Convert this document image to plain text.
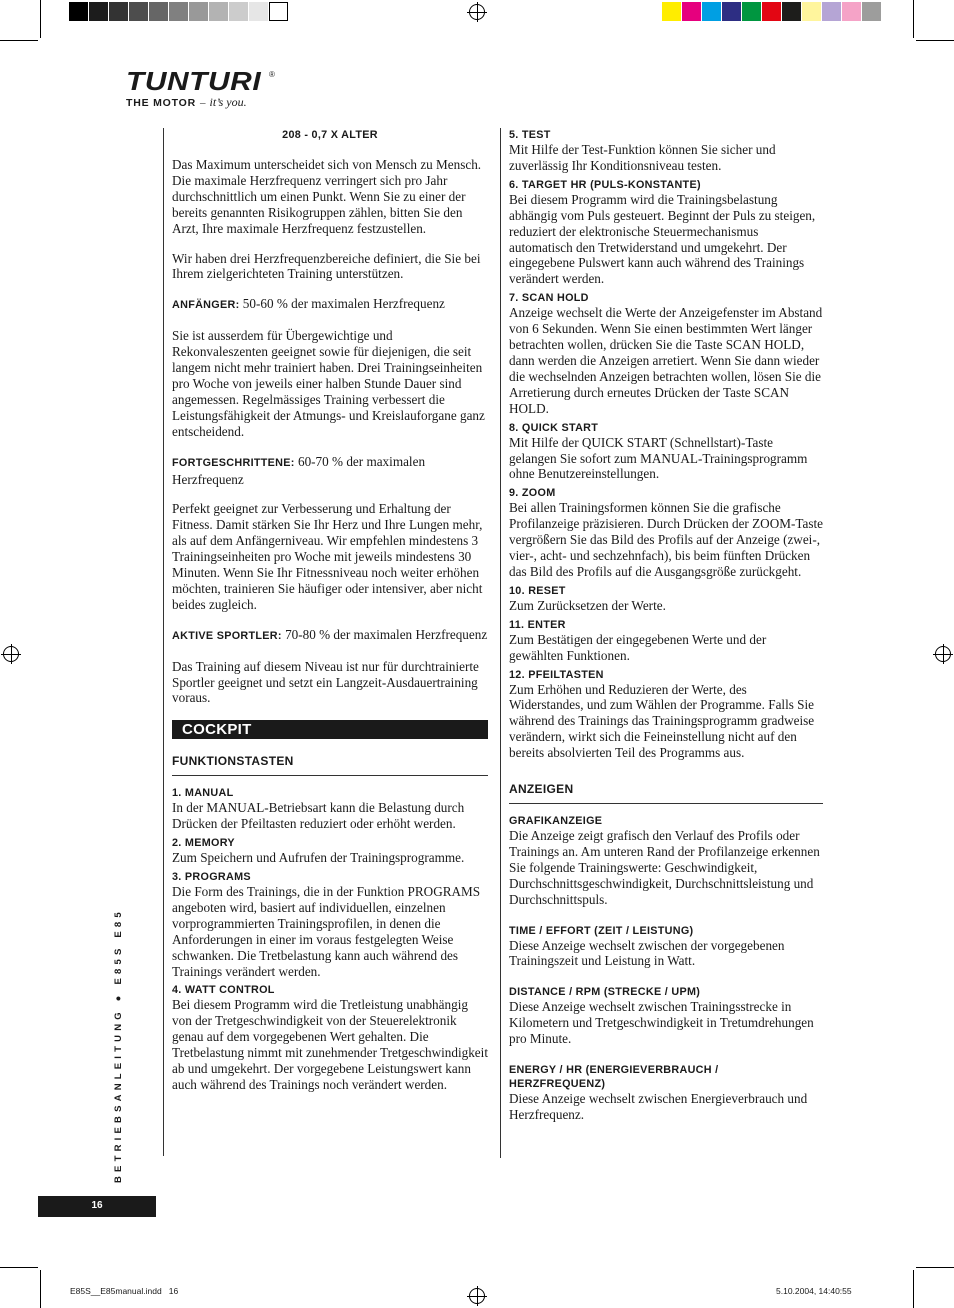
TUNTURI ®
THE MOTOR – it’s you.
208 - 0,7 X ALTER

Das Maximum unterscheidet sich von Mensch zu Mensch. Die maximale Herzfrequenz verringert sich pro Jahr durchschnittlich um einen Punkt. Wenn Sie zu einer der bereits genannten Risikogruppen zählen, bitten Sie den Arzt, Ihre maximale Herzfrequenz festzustellen.

Wir haben drei Herzfrequenzbereiche definiert, die Sie bei Ihrem zielgerichteten Training unterstützen.

ANFÄNGER: 50-60 % der maximalen Herzfrequenz

Sie ist ausserdem für Übergewichtige und Rekonvaleszenten geeignet sowie für diejenigen, die seit langem nicht mehr trainiert haben. Drei Trainingseinheiten pro Woche von jeweils einer halben Stunde Dauer sind angemessen. Regelmässiges Training verbessert die Leistungsfähigkeit der Atmungs- und Kreislauforgane ganz entscheidend.

FORTGESCHRITTENE: 60-70 % der maximalen Herzfrequenz

Perfekt geeignet zur Verbesserung und Erhaltung der Fitness. Damit stärken Sie Ihr Herz und Ihre Lungen mehr, als auf dem Anfängerniveau. Wir empfehlen mindestens 3 Trainingseinheiten pro Woche mit jeweils mindestens 30 Minuten. Wenn Sie Ihr Fitnessniveau noch weiter erhöhen möchten, trainieren Sie häufiger oder intensiver, aber nicht beides zugleich.

AKTIVE SPORTLER: 70-80 % der maximalen Herzfrequenz

Das Training auf diesem Niveau ist nur für durchtrainierte Sportler geeignet und setzt ein Langzeit-Ausdauertraining voraus.

COCKPIT
FUNKTIONSTASTEN
1. MANUAL

In der MANUAL-Betriebsart kann die Belastung durch Drücken der Pfeiltasten reduziert oder erhöht werden.

2. MEMORY

Zum Speichern und Aufrufen der Trainingsprogramme.

3. PROGRAMS

Die Form des Trainings, die in der Funktion PROGRAMS angeboten wird, basiert auf individuellen, einzelnen vorprogrammierten Trainingsprofilen, in denen die Anforderungen in einer im voraus festgelegten Weise schwanken. Die Tretbelastung kann auch während des Trainings verändert werden.

4. WATT CONTROL

Bei diesem Programm wird die Tretleistung unabhängig von der Tretgeschwindigkeit von der Steuerelektronik genau auf dem vorgegebenen Wert gehalten. Die Tretbelastung nimmt mit zunehmender Tretgeschwindigkeit ab und umgekehrt. Der vorgegebene Leistungswert kann auch während des Trainings noch verändert werden.

5. TEST

Mit Hilfe der Test-Funktion können Sie sicher und zuverlässig Ihr Konditionsniveau testen.

6. TARGET HR (PULS-KONSTANTE)

Bei diesem Programm wird die Trainingsbelastung abhängig vom Puls gesteuert. Beginnt der Puls zu steigen, reduziert der elektronische Steuermechanismus automatisch den Tretwiderstand und umgekehrt. Der eingegebene Pulswert kann auch während des Trainings verändert werden.

7. SCAN HOLD

Anzeige wechselt die Werte der Anzeigefenster im Abstand von 6 Sekunden. Wenn Sie einen bestimmten Wert länger betrachten wollen, drücken Sie die Taste SCAN HOLD, dann werden die Anzeigen arretiert. Wenn Sie dann wieder die wechselnden Anzeigen betrachten wollen, lösen Sie die Arretierung durch erneutes Drücken der Taste SCAN HOLD.

8. QUICK START

Mit Hilfe der QUICK START (Schnellstart)-Taste gelangen Sie sofort zum MANUAL-Trainingsprogramm ohne Benutzereinstellungen.

9. ZOOM

Bei allen Trainingsformen können Sie die grafische Profilanzeige präzisieren. Durch Drücken der ZOOM-Taste vergrößern Sie das Bild des Profils auf der Anzeige (zwei-, vier-, acht- und sechzehnfach), bis beim fünften Drücken das Bild des Profils auf die Ausgangsgröße zurückgeht.

10. RESET

Zum Zurücksetzen der Werte.

11. ENTER

Zum Bestätigen der eingegebenen Werte und der gewählten Funktionen.

12. PFEILTASTEN

Zum Erhöhen und Reduzieren der Werte, des Widerstandes, und zum Wählen der Programme. Falls Sie während des Trainings das Trainingsprogramm gradweise verändern, wirkt sich die Feineinstellung nicht auf den bereits absolvierten Teil des Programms aus.

ANZEIGEN
GRAFIKANZEIGE

Die Anzeige zeigt grafisch den Verlauf des Profils oder Trainings an. Am unteren Rand der Profilanzeige erkennen Sie folgende Trainingswerte: Geschwindigkeit, Durchschnittsgeschwindigkeit, Durchschnittsleistung und Durchschnittspuls.

TIME / EFFORT (ZEIT / LEISTUNG)

Diese Anzeige wechselt zwischen der vorgegebenen Trainingszeit und Leistung in Watt.

DISTANCE / RPM (STRECKE / UPM)

Diese Anzeige wechselt zwischen Trainingsstrecke in Kilometern und Tretgeschwindigkeit in Tretumdrehungen pro Minute.

ENERGY / HR (ENERGIEVERBRAUCH /
HERZFREQUENZ)

Diese Anzeige wechselt zwischen Energieverbrauch und Herzfrequenz.

BETRIEBSANLEITUNG ● E85S E85
16
E85S__E85manual.indd   16	5.10.2004, 14:40:55
